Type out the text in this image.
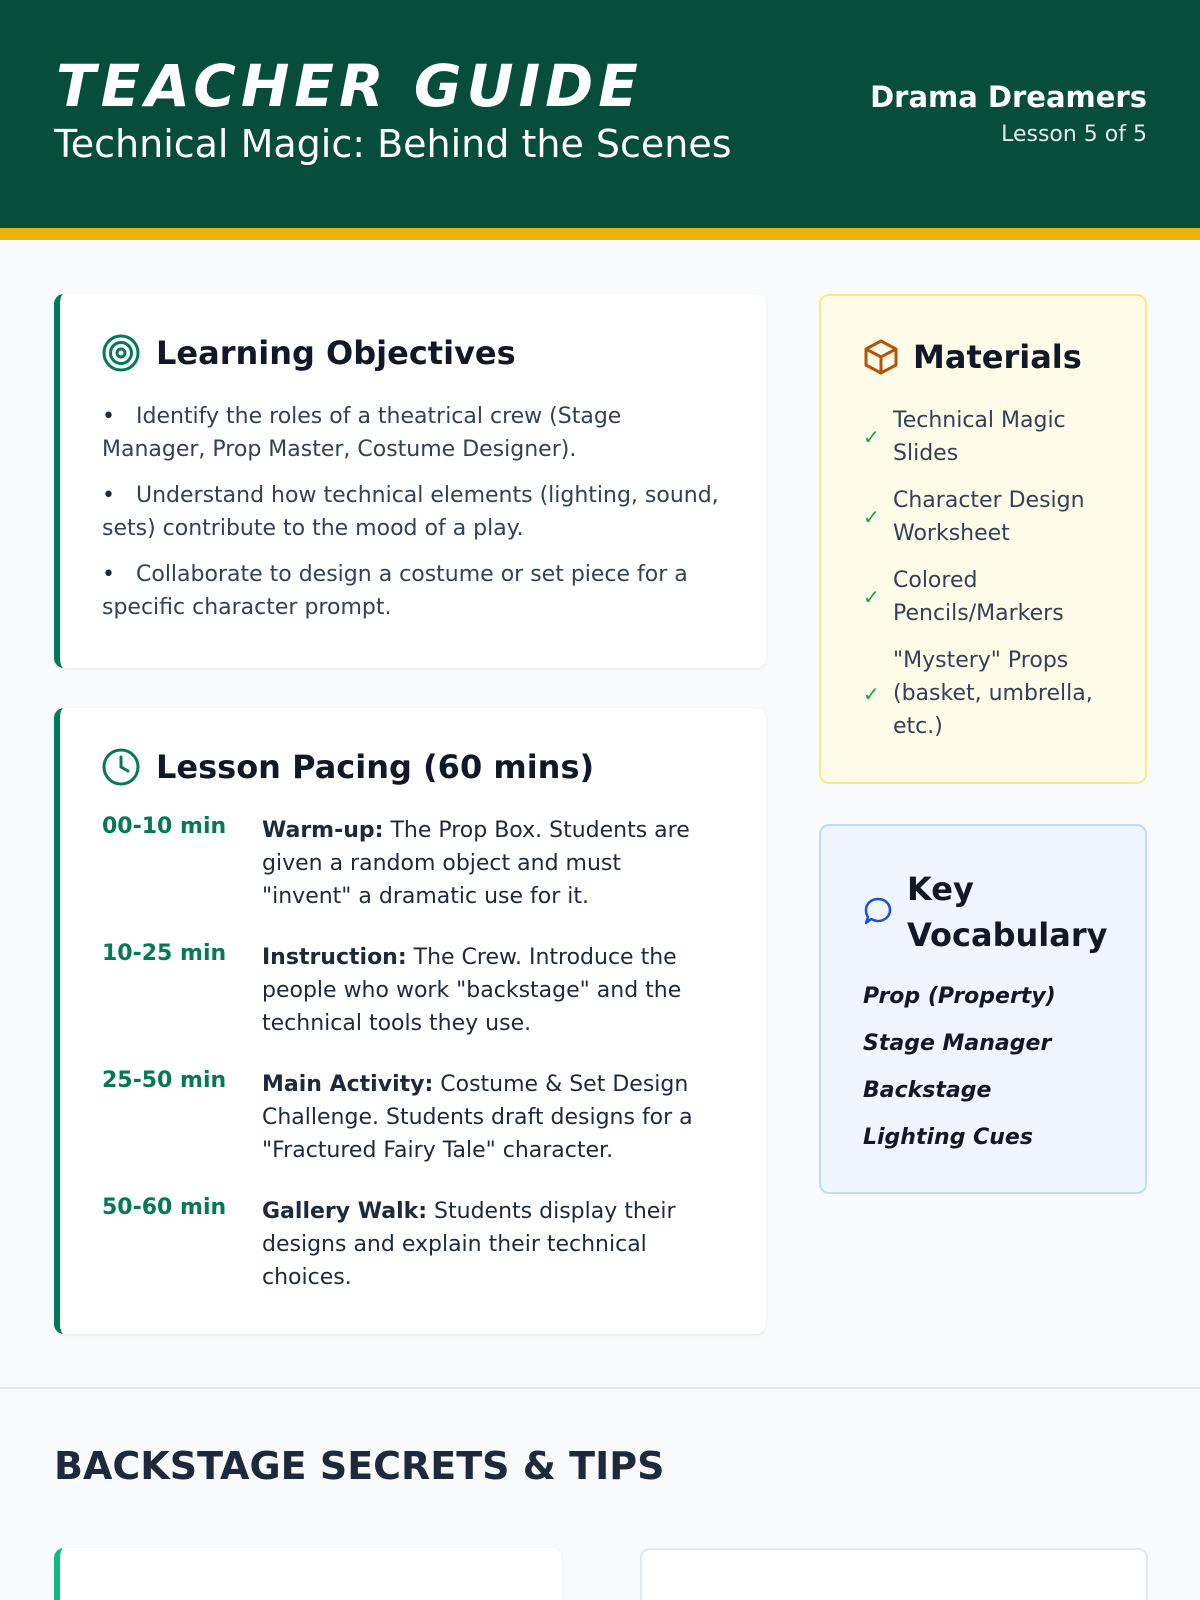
TEACHER GUIDE
Technical Magic: Behind the Scenes
Drama Dreamers
Lesson 5 of 5
Learning Objectives
• Identify the roles of a theatrical crew (Stage Manager, Prop Master, Costume Designer).
• Understand how technical elements (lighting, sound, sets) contribute to the mood of a play.
• Collaborate to design a costume or set piece for a specific character prompt.
Lesson Pacing (60 mins)
00-10 min Warm-up: The Prop Box. Students are given a random object and must "invent" a dramatic use for it.
10-25 min Instruction: The Crew. Introduce the people who work "backstage" and the technical tools they use.
25-50 min Main Activity: Costume & Set Design Challenge. Students draft designs for a "Fractured Fairy Tale" character.
50-60 min Gallery Walk: Students display their designs and explain their technical choices.
Materials
✓
Technical Magic Slides
✓
Character Design Worksheet
✓
Colored Pencils/Markers
✓
"Mystery" Props (basket, umbrella, etc.)
Key Vocabulary
Prop (Property)
Stage Manager
Backstage
Lighting Cues
BACKSTAGE SECRETS & TIPS
